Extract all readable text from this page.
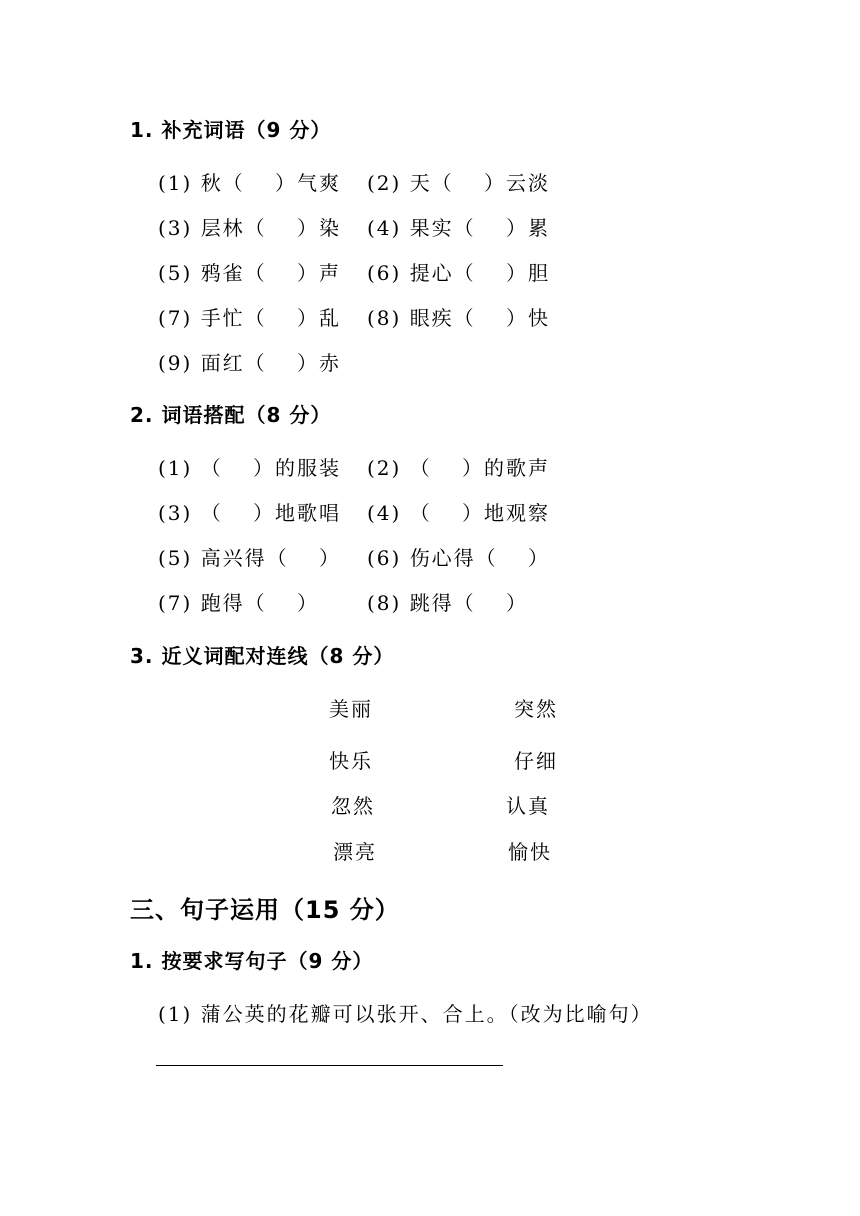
1. 补充词语（9 分）
(1) 秋（　 ）气爽 (2) 天（　 ）云淡
(3) 层林（　 ）染 (4) 果实（　 ）累
(5) 鸦雀（　 ）声 (6) 提心（　 ）胆
(7) 手忙（　 ）乱 (8) 眼疾（　 ）快
(9) 面红（　 ）赤
2. 词语搭配（8 分）
(1) （　 ）的服装 (2) （　 ）的歌声
(3) （　 ）地歌唱 (4) （　 ）地观察
(5) 高兴得（　 ） (6) 伤心得（　 ）
(7) 跑得（　 ） (8) 跳得（　 ）
3. 近义词配对连线（8 分）
美丽	突然
快乐	仔细
忽然	认真
漂亮	愉快
三、句子运用（15 分）
1. 按要求写句子（9 分）
(1) 蒲公英的花瓣可以张开、合上。（改为比喻句）
